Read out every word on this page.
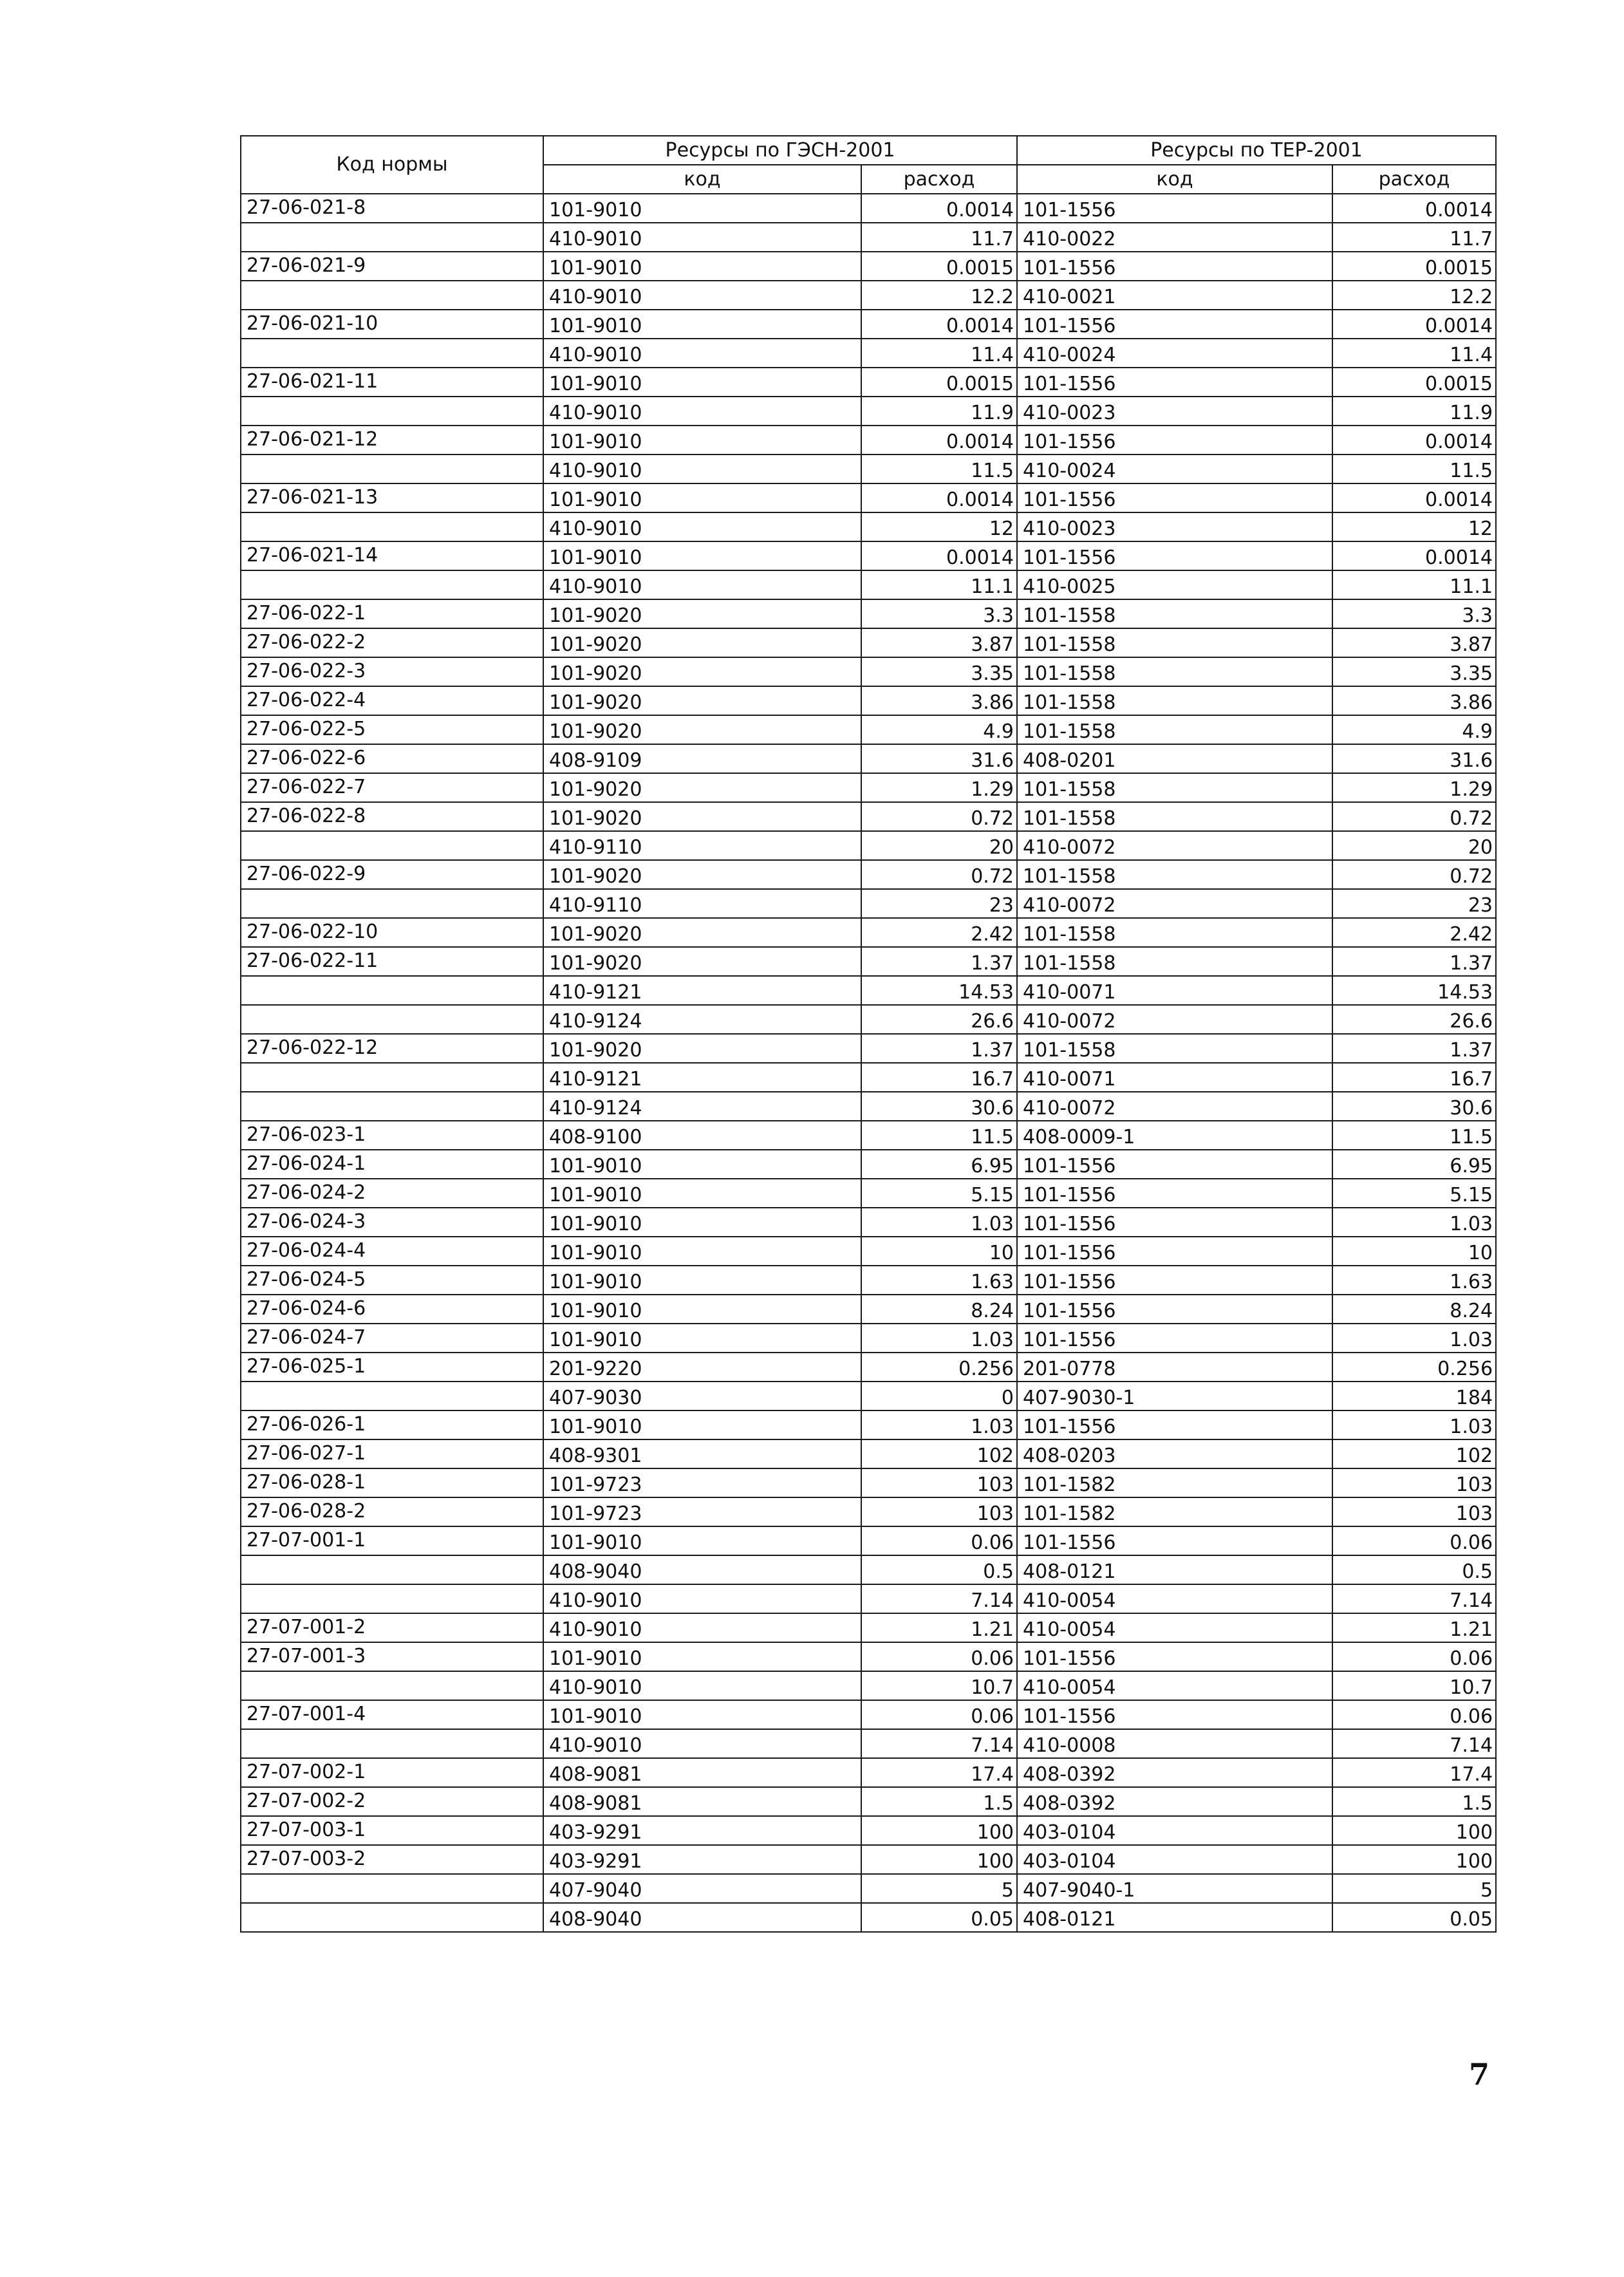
Код нормы	Ресурсы по ГЭСН-2001		Ресурсы по ТЕР-2001	
	код	расход	код	расход
27-06-021-8	101-9010	0.0014	101-1556	0.0014
	410-9010	11.7	410-0022	11.7
27-06-021-9	101-9010	0.0015	101-1556	0.0015
	410-9010	12.2	410-0021	12.2
27-06-021-10	101-9010	0.0014	101-1556	0.0014
	410-9010	11.4	410-0024	11.4
27-06-021-11	101-9010	0.0015	101-1556	0.0015
	410-9010	11.9	410-0023	11.9
27-06-021-12	101-9010	0.0014	101-1556	0.0014
	410-9010	11.5	410-0024	11.5
27-06-021-13	101-9010	0.0014	101-1556	0.0014
	410-9010	12	410-0023	12
27-06-021-14	101-9010	0.0014	101-1556	0.0014
	410-9010	11.1	410-0025	11.1
27-06-022-1	101-9020	3.3	101-1558	3.3
27-06-022-2	101-9020	3.87	101-1558	3.87
27-06-022-3	101-9020	3.35	101-1558	3.35
27-06-022-4	101-9020	3.86	101-1558	3.86
27-06-022-5	101-9020	4.9	101-1558	4.9
27-06-022-6	408-9109	31.6	408-0201	31.6
27-06-022-7	101-9020	1.29	101-1558	1.29
27-06-022-8	101-9020	0.72	101-1558	0.72
	410-9110	20	410-0072	20
27-06-022-9	101-9020	0.72	101-1558	0.72
	410-9110	23	410-0072	23
27-06-022-10	101-9020	2.42	101-1558	2.42
27-06-022-11	101-9020	1.37	101-1558	1.37
	410-9121	14.53	410-0071	14.53
	410-9124	26.6	410-0072	26.6
27-06-022-12	101-9020	1.37	101-1558	1.37
	410-9121	16.7	410-0071	16.7
	410-9124	30.6	410-0072	30.6
27-06-023-1	408-9100	11.5	408-0009-1	11.5
27-06-024-1	101-9010	6.95	101-1556	6.95
27-06-024-2	101-9010	5.15	101-1556	5.15
27-06-024-3	101-9010	1.03	101-1556	1.03
27-06-024-4	101-9010	10	101-1556	10
27-06-024-5	101-9010	1.63	101-1556	1.63
27-06-024-6	101-9010	8.24	101-1556	8.24
27-06-024-7	101-9010	1.03	101-1556	1.03
27-06-025-1	201-9220	0.256	201-0778	0.256
	407-9030	0	407-9030-1	184
27-06-026-1	101-9010	1.03	101-1556	1.03
27-06-027-1	408-9301	102	408-0203	102
27-06-028-1	101-9723	103	101-1582	103
27-06-028-2	101-9723	103	101-1582	103
27-07-001-1	101-9010	0.06	101-1556	0.06
	408-9040	0.5	408-0121	0.5
	410-9010	7.14	410-0054	7.14
27-07-001-2	410-9010	1.21	410-0054	1.21
27-07-001-3	101-9010	0.06	101-1556	0.06
	410-9010	10.7	410-0054	10.7
27-07-001-4	101-9010	0.06	101-1556	0.06
	410-9010	7.14	410-0008	7.14
27-07-002-1	408-9081	17.4	408-0392	17.4
27-07-002-2	408-9081	1.5	408-0392	1.5
27-07-003-1	403-9291	100	403-0104	100
27-07-003-2	403-9291	100	403-0104	100
	407-9040	5	407-9040-1	5
	408-9040	0.05	408-0121	0.05
7
